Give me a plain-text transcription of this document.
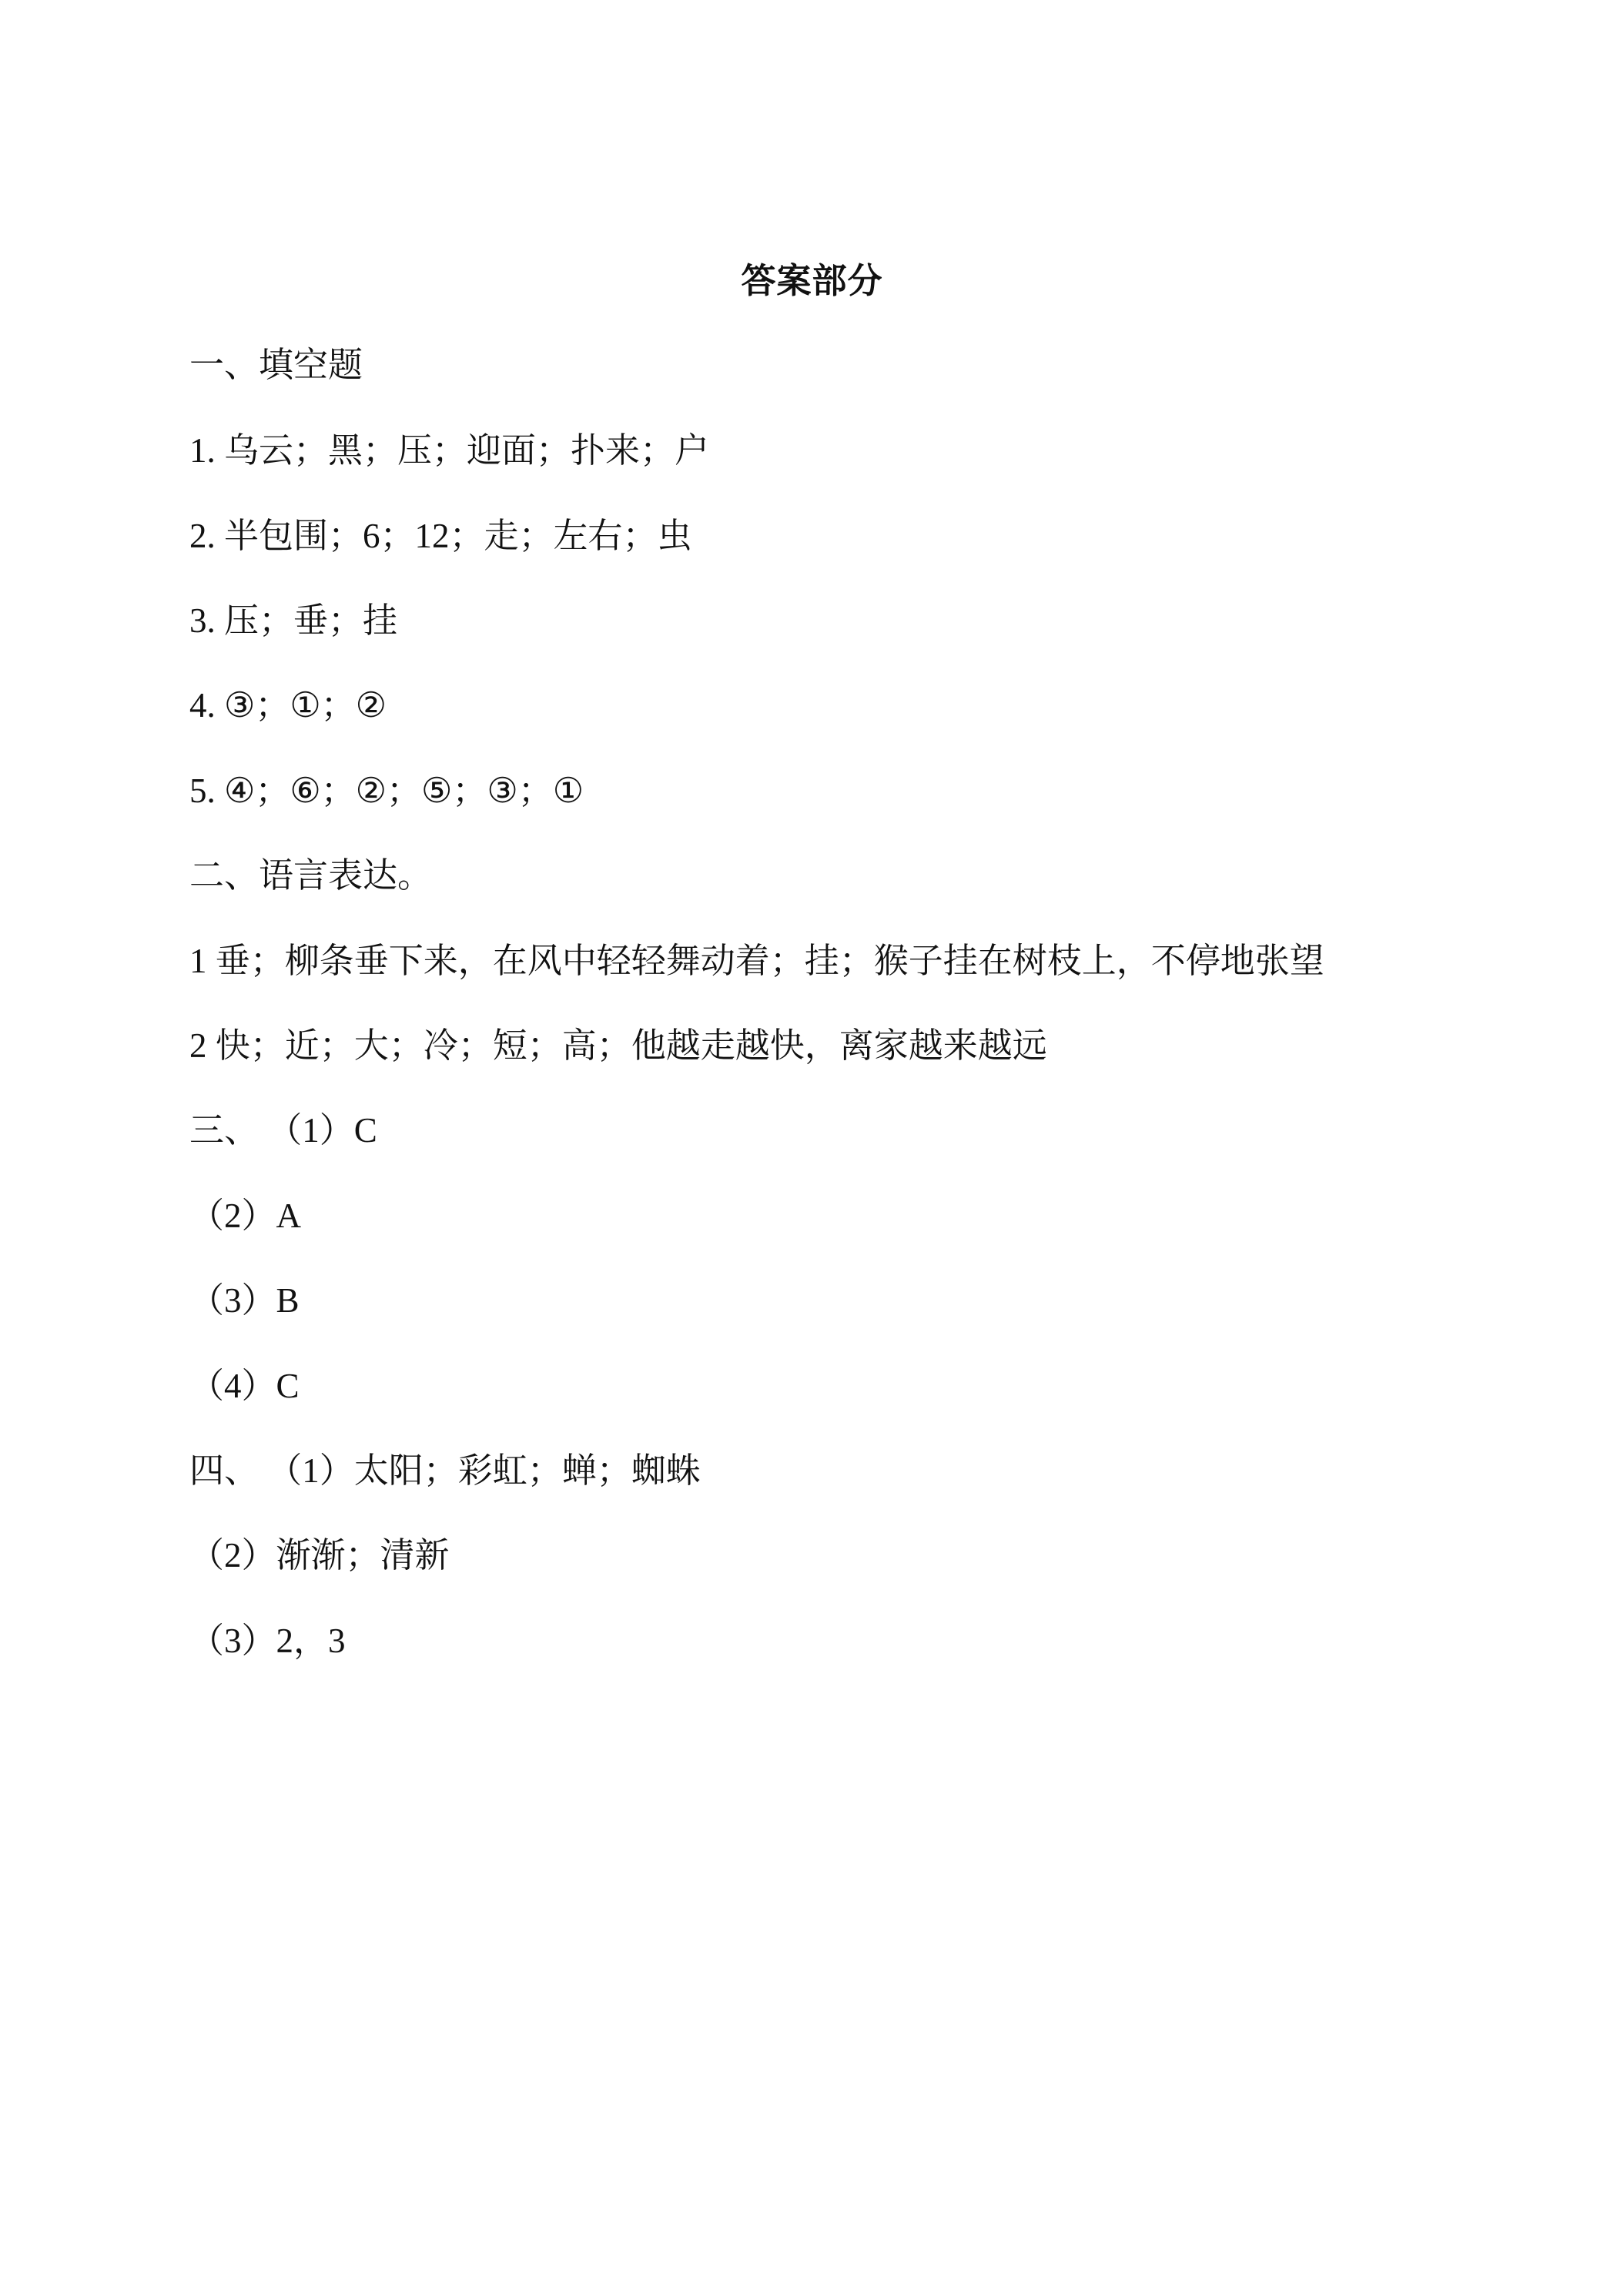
答案部分
一、填空题
1. 乌云；黑；压；迎面；扑来；户
2. 半包围；6；12；走；左右；虫
3. 压；垂；挂
4. ③；①；②
5. ④；⑥；②；⑤；③；①
二、语言表达。
1 垂；柳条垂下来，在风中轻轻舞动着；挂；猴子挂在树枝上，不停地张望
2 快；近；大；冷；短；高；他越走越快，离家越来越远
三、 （1）C
（2）A
（3）B
（4）C
四、 （1）太阳；彩虹；蝉；蜘蛛
（2）渐渐；清新
（3）2，3
